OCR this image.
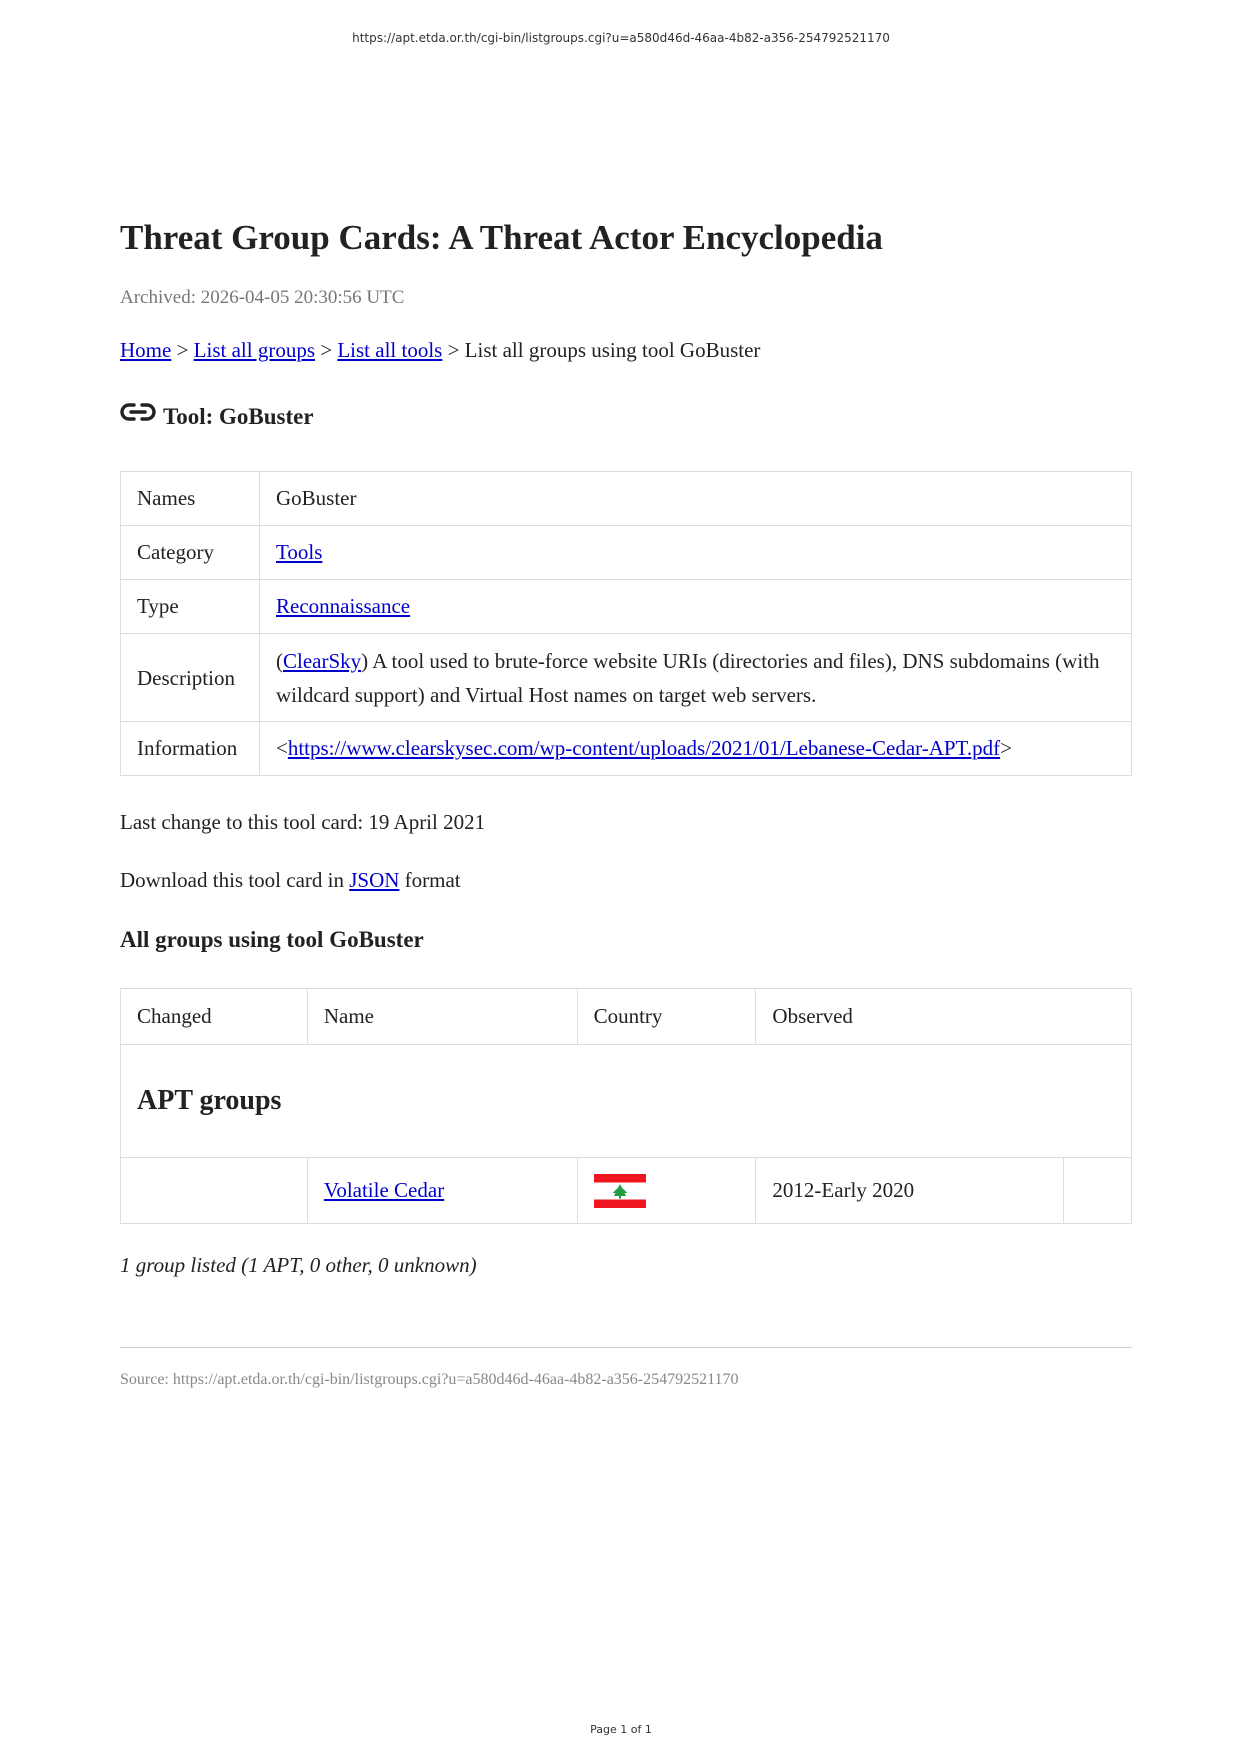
https://apt.etda.or.th/cgi-bin/listgroups.cgi?u=a580d46d-46aa-4b82-a356-254792521170
Threat Group Cards: A Threat Actor Encyclopedia
Archived: 2026-04-05 20:30:56 UTC
Home > List all groups > List all tools > List all groups using tool GoBuster
Tool: GoBuster
Names	GoBuster
Category	Tools
Type	Reconnaissance
Description	(ClearSky) A tool used to brute-force website URIs (directories and files), DNS subdomains (with wildcard support) and Virtual Host names on target web servers.
Information	<https://www.clearskysec.com/wp-content/uploads/2021/01/Lebanese-Cedar-APT.pdf>
Last change to this tool card: 19 April 2021
Download this tool card in JSON format
All groups using tool GoBuster
Changed	Name	Country	Observed	
APT groups				
	Volatile Cedar		2012-Early 2020	
1 group listed (1 APT, 0 other, 0 unknown)
Source: https://apt.etda.or.th/cgi-bin/listgroups.cgi?u=a580d46d-46aa-4b82-a356-254792521170
Page 1 of 1
